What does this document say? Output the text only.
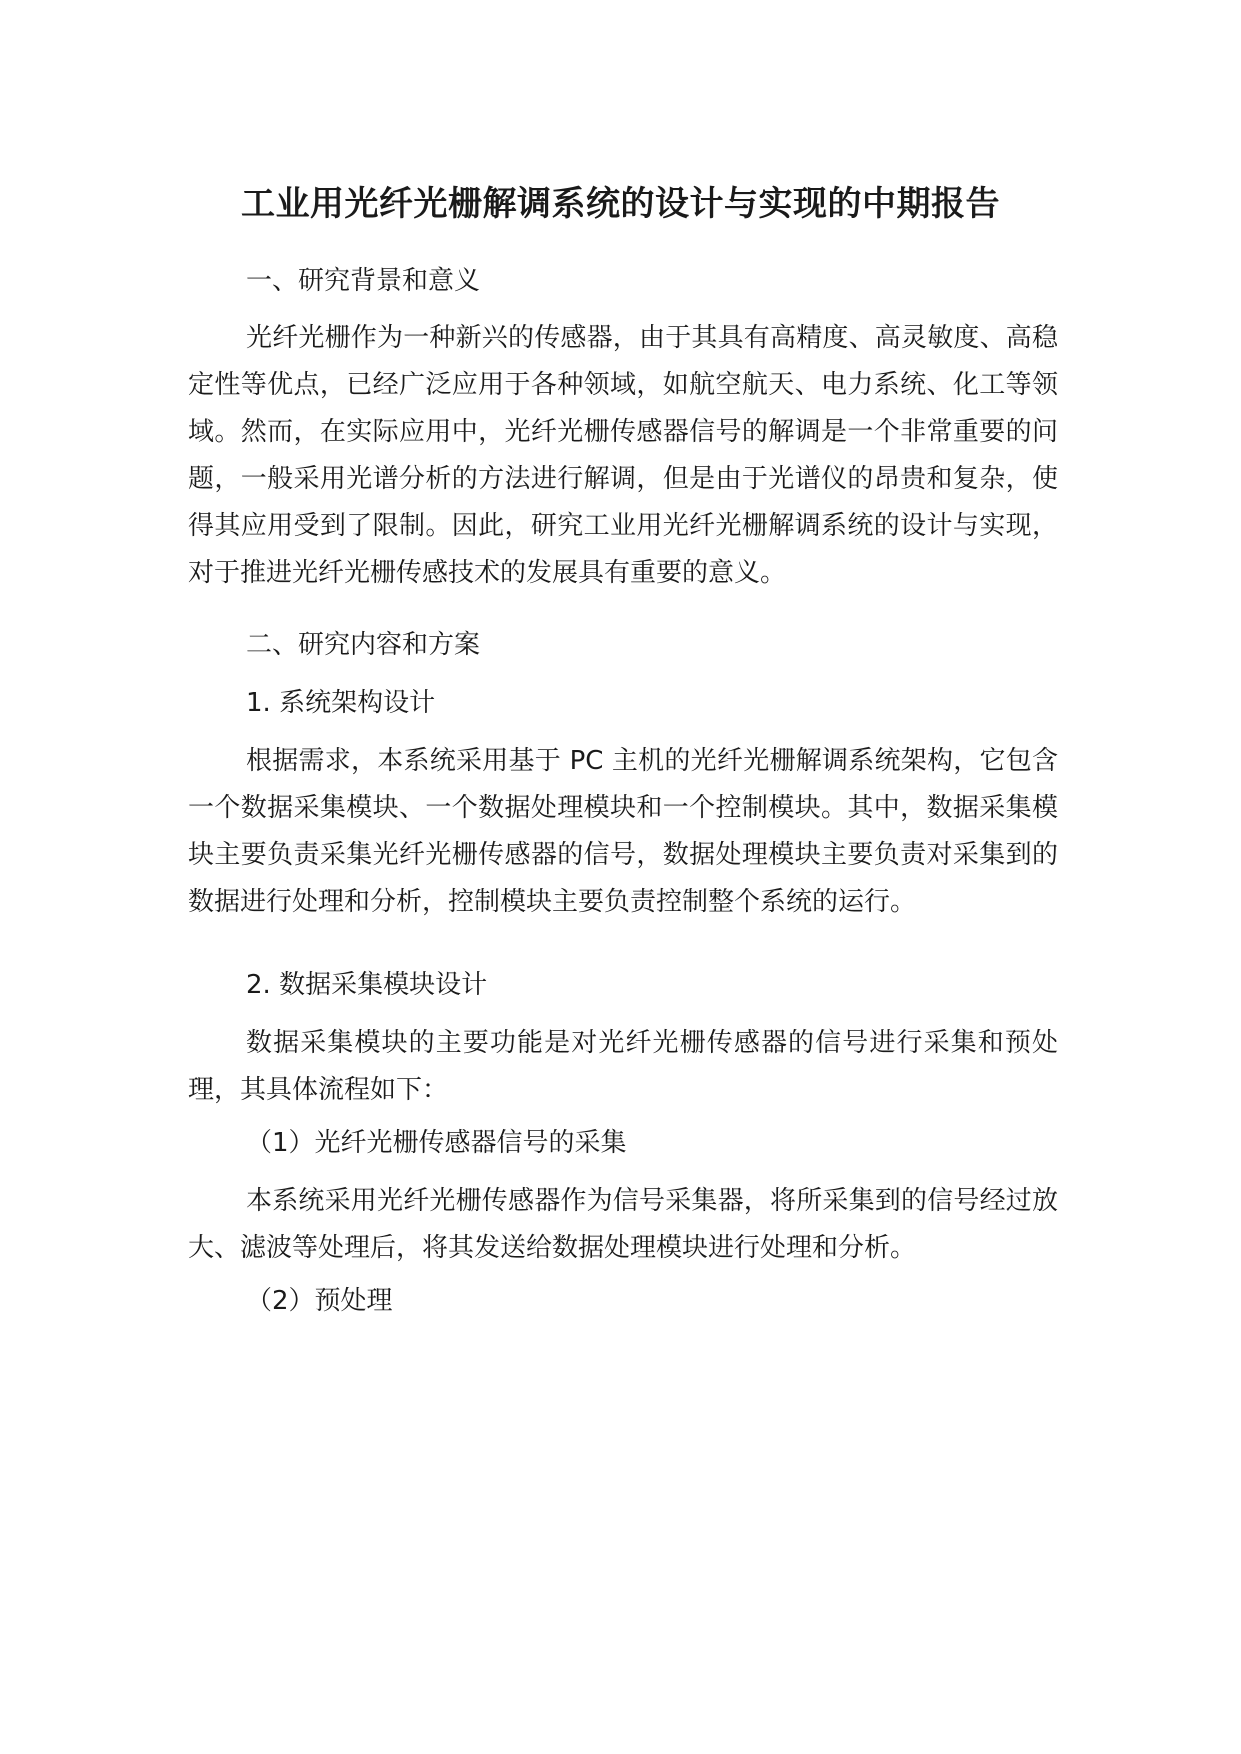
工业用光纤光栅解调系统的设计与实现的中期报告

一、研究背景和意义

光纤光栅作为一种新兴的传感器，由于其具有高精度、高灵敏度、高稳定性等优点，已经广泛应用于各种领域，如航空航天、电力系统、化工等领域。然而，在实际应用中，光纤光栅传感器信号的解调是一个非常重要的问题，一般采用光谱分析的方法进行解调，但是由于光谱仪的昂贵和复杂，使得其应用受到了限制。因此，研究工业用光纤光栅解调系统的设计与实现，对于推进光纤光栅传感技术的发展具有重要的意义。

二、研究内容和方案

1. 系统架构设计

根据需求，本系统采用基于 PC 主机的光纤光栅解调系统架构，它包含一个数据采集模块、一个数据处理模块和一个控制模块。其中，数据采集模块主要负责采集光纤光栅传感器的信号，数据处理模块主要负责对采集到的数据进行处理和分析，控制模块主要负责控制整个系统的运行。

2. 数据采集模块设计

数据采集模块的主要功能是对光纤光栅传感器的信号进行采集和预处理，其具体流程如下：

（1）光纤光栅传感器信号的采集

本系统采用光纤光栅传感器作为信号采集器，将所采集到的信号经过放大、滤波等处理后，将其发送给数据处理模块进行处理和分析。

（2）预处理
